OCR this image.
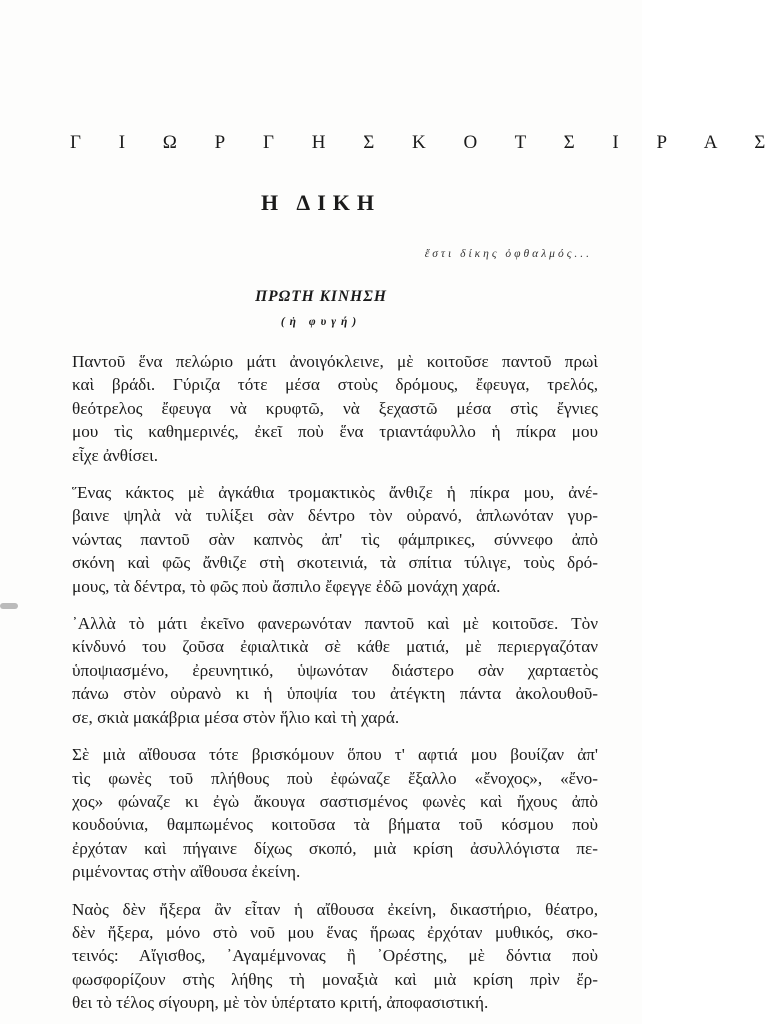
Γ Ι Ω Ρ Γ Η Σ Κ Ο Τ Σ Ι Ρ Α Σ
Η ΔΙΚΗ
ἔστι δίκης ὀφθαλμός...
ΠΡΩΤΗ ΚΙΝΗΣΗ
(ἡ φυγή)
Παντοῦ ἕνα πελώριο μάτι ἀνοιγόκλεινε, μὲ κοιτοῦσε παντοῦ πρωὶ
καὶ βράδι. Γύριζα τότε μέσα στοὺς δρόμους, ἔφευγα, τρελός,
θεότρελος ἔφευγα νὰ κρυφτῶ, νὰ ξεχαστῶ μέσα στὶς ἔγνιες
μου τὶς καθημερινές, ἐκεῖ ποὺ ἕνα τριαντάφυλλο ἡ πίκρα μου
εἶχε ἀνθίσει.
Ἕνας κάκτος μὲ ἀγκάθια τρομακτικὸς ἄνθιζε ἡ πίκρα μου, ἀνέ-
βαινε ψηλὰ νὰ τυλίξει σὰν δέντρο τὸν οὐρανό, ἁπλωνόταν γυρ-
νώντας παντοῦ σὰν καπνὸς ἀπ' τὶς φάμπρικες, σύννεφο ἀπὸ
σκόνη καὶ φῶς ἄνθιζε στὴ σκοτεινιά, τὰ σπίτια τύλιγε, τοὺς δρό-
μους, τὰ δέντρα, τὸ φῶς ποὺ ἄσπιλο ἔφεγγε ἐδῶ μονάχη χαρά.
᾿Αλλὰ τὸ μάτι ἐκεῖνο φανερωνόταν παντοῦ καὶ μὲ κοιτοῦσε. Τὸν
κίνδυνό του ζοῦσα ἐφιαλτικὰ σὲ κάθε ματιά, μὲ περιεργαζόταν
ὑποψιασμένο, ἐρευνητικό, ὑψωνόταν διάστερο σὰν χαρταετὸς
πάνω στὸν οὐρανὸ κι ἡ ὑποψία του ἀτέγκτη πάντα ἀκολουθοῦ-
σε, σκιὰ μακάβρια μέσα στὸν ἥλιο καὶ τὴ χαρά.
Σὲ μιὰ αἴθουσα τότε βρισκόμουν ὅπου τ' αφτιά μου βουίζαν ἀπ'
τὶς φωνὲς τοῦ πλήθους ποὺ ἐφώναζε ἔξαλλο «ἔνοχος», «ἔνο-
χος» φώναζε κι ἐγὼ ἄκουγα σαστισμένος φωνὲς καὶ ἤχους ἀπὸ
κουδούνια, θαμπωμένος κοιτοῦσα τὰ βήματα τοῦ κόσμου ποὺ
ἐρχόταν καὶ πήγαινε δίχως σκοπό, μιὰ κρίση ἀσυλλόγιστα πε-
ριμένοντας στὴν αἴθουσα ἐκείνη.
Ναὸς δὲν ἤξερα ἂν εἶταν ἡ αἴθουσα ἐκείνη, δικαστήριο, θέατρο,
δὲν ἤξερα, μόνο στὸ νοῦ μου ἕνας ἥρωας ἐρχόταν μυθικός, σκο-
τεινός: Αἴγισθος, ᾿Αγαμέμνονας ἢ ᾿Ορέστης, μὲ δόντια ποὺ
φωσφορίζουν στὴς λήθης τὴ μοναξιὰ καὶ μιὰ κρίση πρὶν ἔρ-
θει τὸ τέλος σίγουρη, μὲ τὸν ὑπέρτατο κριτή, ἀποφασιστική.
